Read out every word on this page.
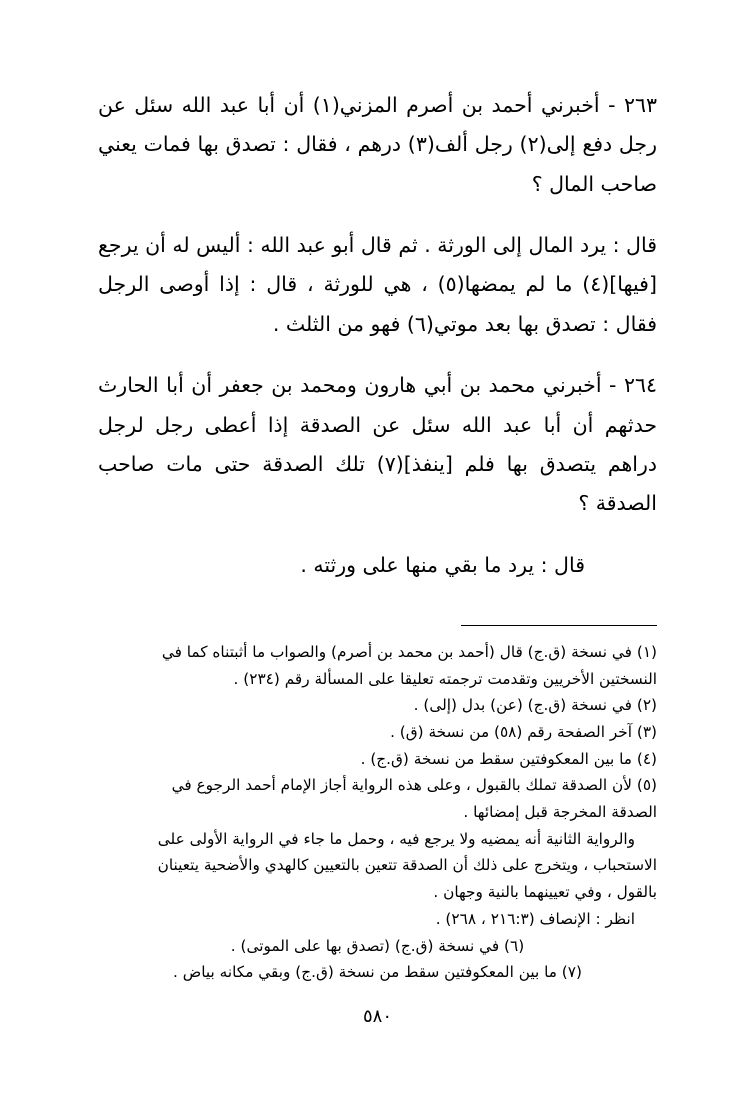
٢٦٣ - أخبرني أحمد بن أصرم المزني(١) أن أبا عبد الله سئل عن رجل دفع إلى(٢) رجل ألف(٣) درهم ، فقال : تصدق بها فمات يعني صاحب المال ؟

قال : يرد المال إلى الورثة . ثم قال أبو عبد الله : أليس له أن يرجع [فيها](٤) ما لم يمضها(٥) ، هي للورثة ، قال : إذا أوصى الرجل فقال : تصدق بها بعد موتي(٦) فهو من الثلث .

٢٦٤ - أخبرني محمد بن أبي هارون ومحمد بن جعفر أن أبا الحارث حدثهم أن أبا عبد الله سئل عن الصدقة إذا أعطى رجل لرجل دراهم يتصدق بها فلم [ينفذ](٧) تلك الصدقة حتى مات صاحب الصدقة ؟

قال : يرد ما بقي منها على ورثته .

(١) في نسخة (ق.ج) قال (أحمد بن محمد بن أصرم) والصواب ما أثبتناه كما في

النسختين الأخريين وتقدمت ترجمته تعليقا على المسألة رقم (٢٣٤) .

(٢) في نسخة (ق.ج) (عن) بدل (إلى) .

(٣) آخر الصفحة رقم (٥٨) من نسخة (ق) .

(٤) ما بين المعكوفتين سقط من نسخة (ق.ج) .

(٥) لأن الصدقة تملك بالقبول ، وعلى هذه الرواية أجاز الإمام أحمد الرجوع في

الصدقة المخرجة قبل إمضائها .

والرواية الثانية أنه يمضيه ولا يرجع فيه ، وحمل ما جاء في الرواية الأولى على

الاستحباب ، ويتخرج على ذلك أن الصدقة تتعين بالتعيين كالهدي والأضحية يتعينان

بالقول ، وفي تعيينهما بالنية وجهان .

انظر : الإنصاف (٢١٦:٣ ، ٢٦٨) .

(٦) في نسخة (ق.ج) (تصدق بها على الموتى) .

(٧) ما بين المعكوفتين سقط من نسخة (ق.ج) وبقي مكانه بياض .

٥٨٠
